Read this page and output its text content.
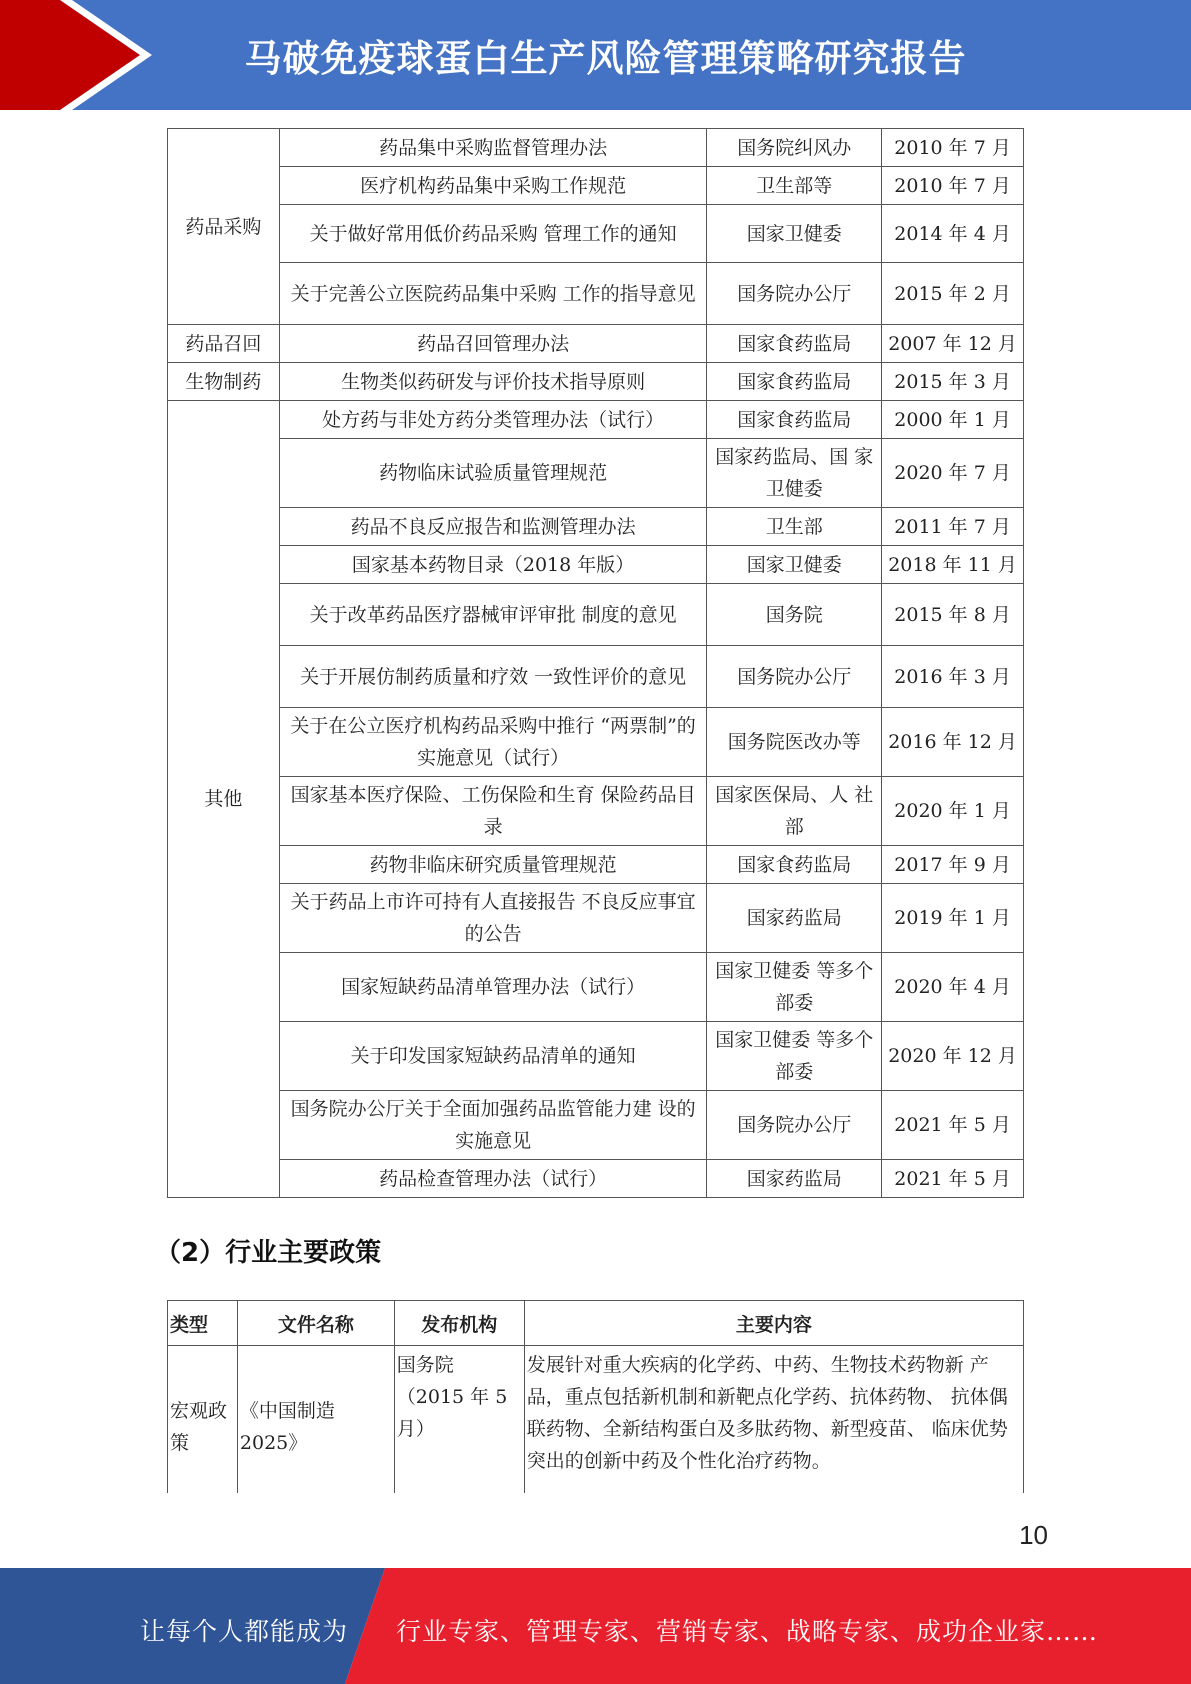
马破免疫球蛋白生产风险管理策略研究报告
药品采购	药品集中采购监督管理办法	国务院纠风办	2010 年 7 月
	医疗机构药品集中采购工作规范	卫生部等	2010 年 7 月
	关于做好常用低价药品采购 管理工作的通知	国家卫健委	2014 年 4 月
	关于完善公立医院药品集中采购 工作的指导意见	国务院办公厅	2015 年 2 月
药品召回	药品召回管理办法	国家食药监局	2007 年 12 月
生物制药	生物类似药研发与评价技术指导原则	国家食药监局	2015 年 3 月
其他	处方药与非处方药分类管理办法（试行）	国家食药监局	2000 年 1 月
	药物临床试验质量管理规范	国家药监局、国 家卫健委	2020 年 7 月
	药品不良反应报告和监测管理办法	卫生部	2011 年 7 月
	国家基本药物目录（2018 年版）	国家卫健委	2018 年 11 月
	关于改革药品医疗器械审评审批 制度的意见	国务院	2015 年 8 月
	关于开展仿制药质量和疗效 一致性评价的意见	国务院办公厅	2016 年 3 月
	关于在公立医疗机构药品采购中推行 “两票制”的实施意见（试行）	国务院医改办等	2016 年 12 月
	国家基本医疗保险、工伤保险和生育 保险药品目录	国家医保局、人 社部	2020 年 1 月
	药物非临床研究质量管理规范	国家食药监局	2017 年 9 月
	关于药品上市许可持有人直接报告 不良反应事宜的公告	国家药监局	2019 年 1 月
	国家短缺药品清单管理办法（试行）	国家卫健委 等多个部委	2020 年 4 月
	关于印发国家短缺药品清单的通知	国家卫健委 等多个部委	2020 年 12 月
	国务院办公厅关于全面加强药品监管能力建 设的实施意见	国务院办公厅	2021 年 5 月
	药品检查管理办法（试行）	国家药监局	2021 年 5 月
（2）行业主要政策
类型	文件名称	发布机构	主要内容
宏观政策	《中国制造 2025》	国务院 （2015 年 5 月）	发展针对重大疾病的化学药、中药、生物技术药物新 产品，重点包括新机制和新靶点化学药、抗体药物、 抗体偶联药物、全新结构蛋白及多肽药物、新型疫苗、 临床优势突出的创新中药及个性化治疗药物。
10
让每个人都能成为 行业专家、管理专家、营销专家、战略专家、成功企业家……
